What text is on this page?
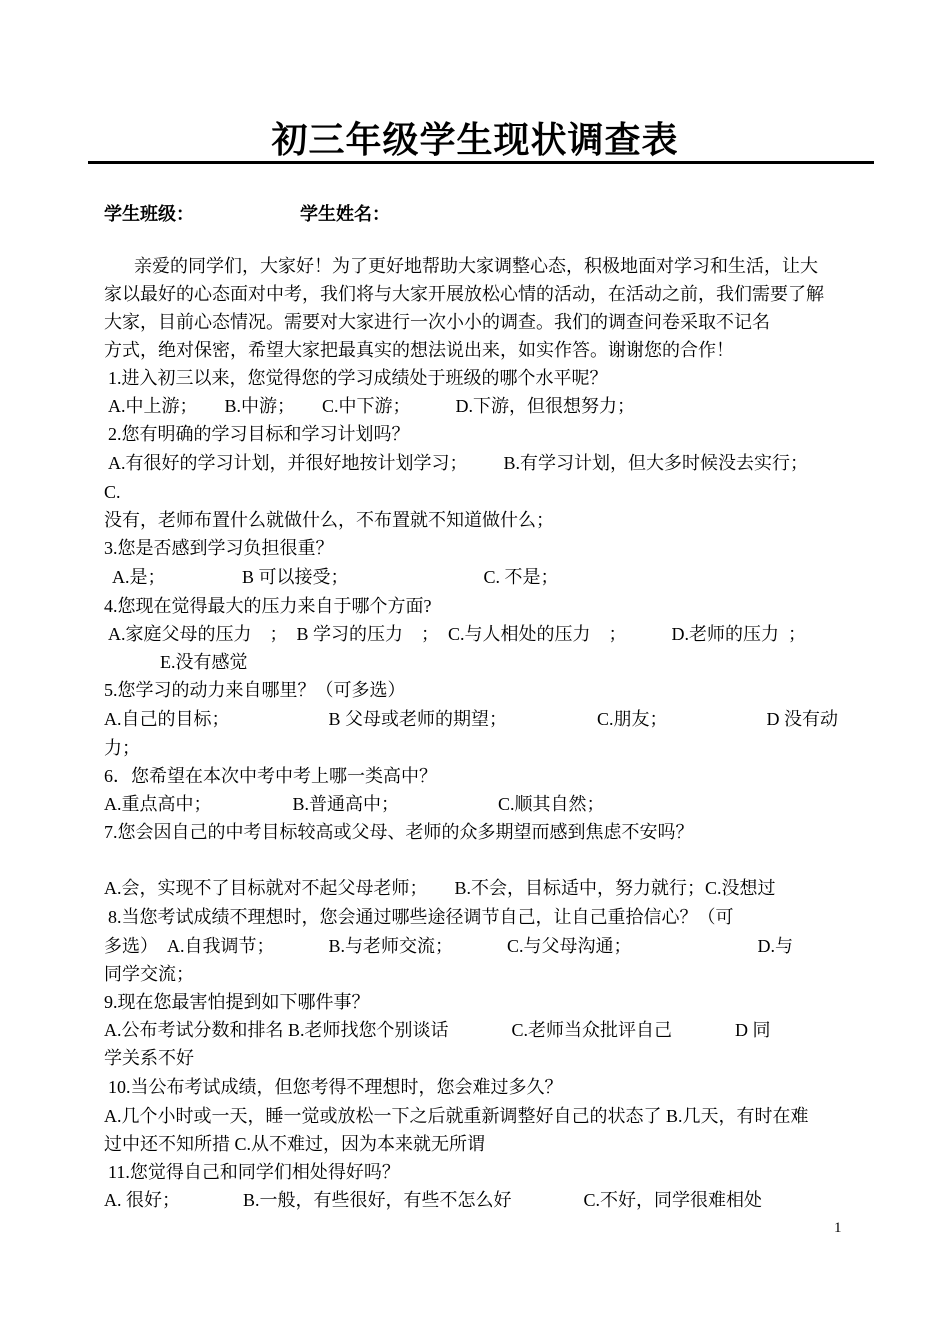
初三年级学生现状调查表
学生班级：	学生姓名：
亲爱的同学们，大家好！为了更好地帮助大家调整心态，积极地面对学习和生活，让大
家以最好的心态面对中考，我们将与大家开展放松心情的活动，在活动之前，我们需要了解
大家，目前心态情况。需要对大家进行一次小小的调查。我们的调查问卷采取不记名
方式，绝对保密，希望大家把最真实的想法说出来，如实作答。谢谢您的合作！
1.进入初三以来，您觉得您的学习成绩处于班级的哪个水平呢？
A.中上游；      B.中游；      C.中下游；          D.下游，但很想努力；
2.您有明确的学习目标和学习计划吗？
A.有很好的学习计划，并很好地按计划学习；        B.有学习计划，但大多时候没去实行；
C.
没有，老师布置什么就做什么，不布置就不知道做什么；
3.您是否感到学习负担很重？
A.是；                 B 可以接受；                              C. 不是；
4.您现在觉得最大的压力来自于哪个方面?
A.家庭父母的压力    ；  B 学习的压力    ；  C.与人相处的压力    ；          D.老师的压力  ；
E.没有感觉
5.您学习的动力来自哪里？（可多选）
A.自己的目标；                      B 父母或老师的期望；                    C.朋友；                      D 没有动
力；
6．您希望在本次中考中考上哪一类高中？
A.重点高中；                  B.普通高中；                      C.顺其自然；
7.您会因自己的中考目标较高或父母、老师的众多期望而感到焦虑不安吗？
A.会，实现不了目标就对不起父母老师；      B.不会，目标适中，努力就行；C.没想过
8.当您考试成绩不理想时，您会通过哪些途径调节自己，让自己重拾信心？（可
多选）  A.自我调节；            B.与老师交流；            C.与父母沟通；                            D.与
同学交流；
9.现在您最害怕提到如下哪件事？
A.公布考试分数和排名 B.老师找您个别谈话              C.老师当众批评自己              D 同
学关系不好
10.当公布考试成绩，但您考得不理想时，您会难过多久？
A.几个小时或一天，睡一觉或放松一下之后就重新调整好自己的状态了 B.几天，有时在难
过中还不知所措 C.从不难过，因为本来就无所谓
11.您觉得自己和同学们相处得好吗？
A. 很好；              B.一般，有些很好，有些不怎么好                C.不好，同学很难相处
1
